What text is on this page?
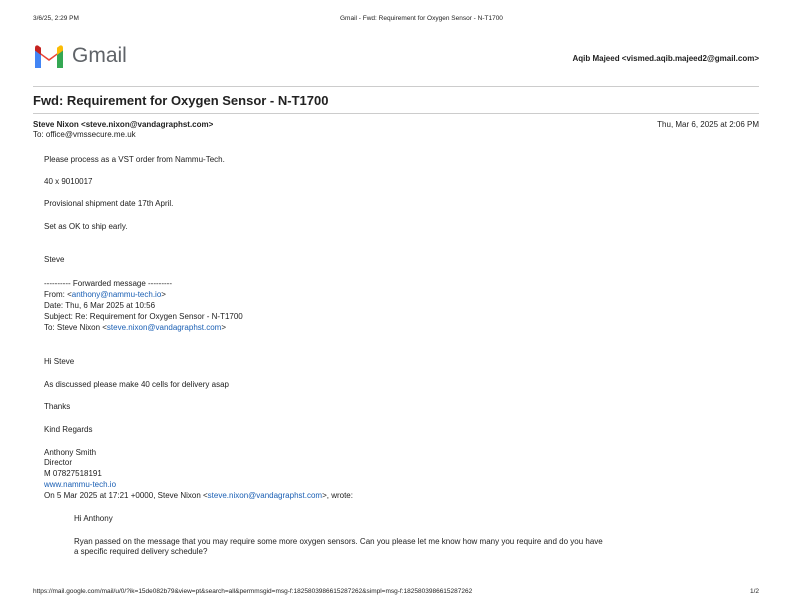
3/6/25, 2:29 PM	Gmail - Fwd: Requirement for Oxygen Sensor - N-T1700
Gmail	Aqib Majeed <vismed.aqib.majeed2@gmail.com>
Fwd: Requirement for Oxygen Sensor - N-T1700
Steve Nixon <steve.nixon@vandagraphst.com>
To: office@vmssecure.me.uk
Thu, Mar 6, 2025 at 2:06 PM
Please process as a VST order from Nammu-Tech.
40 x 9010017
Provisional shipment date 17th April.
Set as OK to ship early.
Steve
---------- Forwarded message ---------
From: <anthony@nammu-tech.io>
Date: Thu, 6 Mar 2025 at 10:56
Subject: Re: Requirement for Oxygen Sensor - N-T1700
To: Steve Nixon <steve.nixon@vandagraphst.com>
Hi Steve
As discussed please make 40 cells for delivery asap
Thanks
Kind Regards
Anthony Smith
Director
M 07827518191
www.nammu-tech.io
On 5 Mar 2025 at 17:21 +0000, Steve Nixon <steve.nixon@vandagraphst.com>, wrote:
Hi Anthony
Ryan passed on the message that you may require some more oxygen sensors. Can you please let me know how many you require and do you have
a specific required delivery schedule?
https://mail.google.com/mail/u/0/?ik=15de082b79&view=pt&search=all&permmsgid=msg-f:1825803986615287262&simpl=msg-f:1825803986615287262	1/2
